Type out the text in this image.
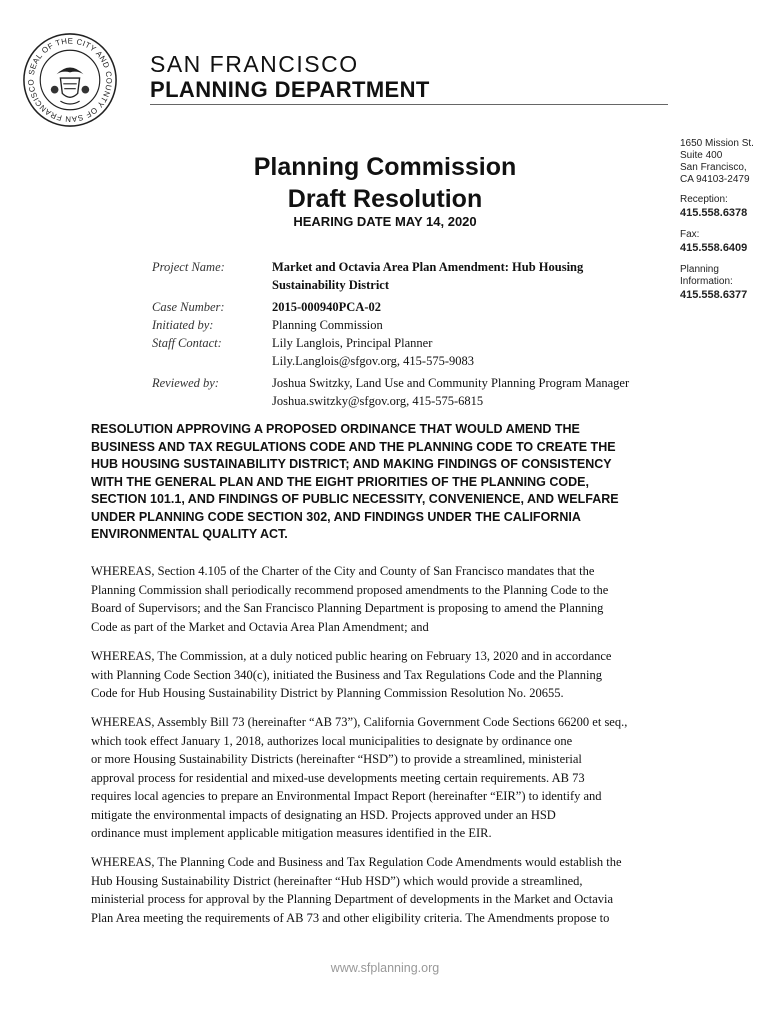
SEAL OF THE CITY AND COUNTY OF SAN FRANCISCO
SAN FRANCISCO
PLANNING DEPARTMENT
1650 Mission St.
Suite 400
San Francisco,
CA 94103-2479
Reception:
415.558.6378
Fax:
415.558.6409
Planning
Information:
415.558.6377
Planning Commission
Draft Resolution
HEARING DATE MAY 14, 2020
Project Name:	Market and Octavia Area Plan Amendment: Hub Housing
Sustainability District
Case Number:	2015-000940PCA-02
Initiated by:	Planning Commission
Staff Contact:	Lily Langlois, Principal Planner
Lily.Langlois@sfgov.org, 415-575-9083
Reviewed by:	Joshua Switzky, Land Use and Community Planning Program Manager
Joshua.switzky@sfgov.org, 415-575-6815
RESOLUTION APPROVING A PROPOSED ORDINANCE THAT WOULD AMEND THE
BUSINESS AND TAX REGULATIONS CODE AND THE PLANNING CODE TO CREATE THE
HUB HOUSING SUSTAINABILITY DISTRICT; AND MAKING FINDINGS OF CONSISTENCY
WITH THE GENERAL PLAN AND THE EIGHT PRIORITIES OF THE PLANNING CODE,
SECTION 101.1, AND FINDINGS OF PUBLIC NECESSITY, CONVENIENCE, AND WELFARE
UNDER PLANNING CODE SECTION 302, AND FINDINGS UNDER THE CALIFORNIA
ENVIRONMENTAL QUALITY ACT.
WHEREAS, Section 4.105 of the Charter of the City and County of San Francisco mandates that the
Planning Commission shall periodically recommend proposed amendments to the Planning Code to the
Board of Supervisors; and the San Francisco Planning Department is proposing to amend the Planning
Code as part of the Market and Octavia Area Plan Amendment; and
WHEREAS, The Commission, at a duly noticed public hearing on February 13, 2020 and in accordance
with Planning Code Section 340(c), initiated the Business and Tax Regulations Code and the Planning
Code for Hub Housing Sustainability District by Planning Commission Resolution No. 20655.
WHEREAS, Assembly Bill 73 (hereinafter “AB 73”), California Government Code Sections 66200 et seq.,
which took effect January 1, 2018, authorizes local municipalities to designate by ordinance one
or more Housing Sustainability Districts (hereinafter “HSD”) to provide a streamlined, ministerial
approval process for residential and mixed-use developments meeting certain requirements. AB 73
requires local agencies to prepare an Environmental Impact Report (hereinafter “EIR”) to identify and
mitigate the environmental impacts of designating an HSD. Projects approved under an HSD
ordinance must implement applicable mitigation measures identified in the EIR.
WHEREAS, The Planning Code and Business and Tax Regulation Code Amendments would establish the
Hub Housing Sustainability District (hereinafter “Hub HSD”) which would provide a streamlined,
ministerial process for approval by the Planning Department of developments in the Market and Octavia
Plan Area meeting the requirements of AB 73 and other eligibility criteria. The Amendments propose to
www.sfplanning.org
